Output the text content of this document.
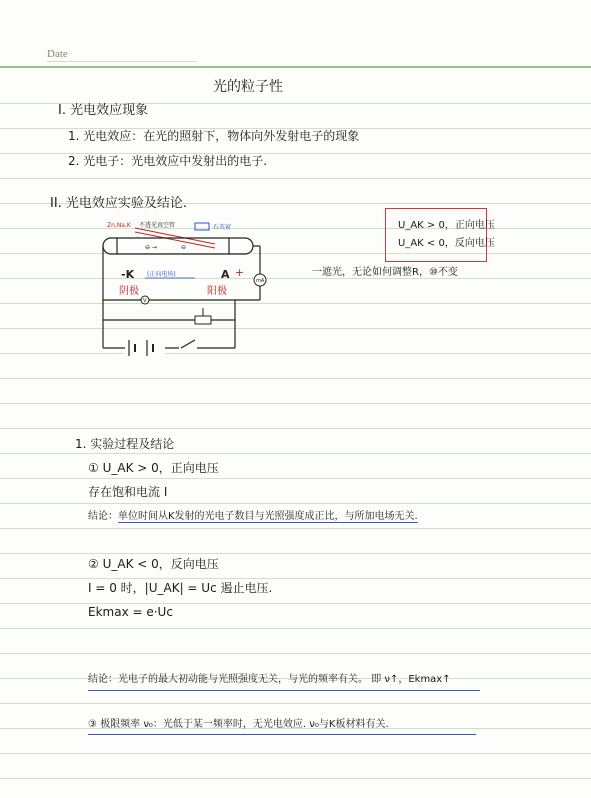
Date
光的粒子性
I. 光电效应现象
1. 光电效应：在光的照射下，物体向外发射电子的现象
2. 光电子：光电效应中发射出的电子.
II. 光电效应实验及结论.
Zn,Na,K 不透光真空管	石英窗
⊖ →	⊖
-K (正向电场)	A +
mA
V
阴极	阳极
一遮光，无论如何调整R，⑩不变
U_AK > 0，正向电压
U_AK < 0，反向电压
1. 实验过程及结论
① U_AK > 0，正向电压
存在饱和电流 I
结论：单位时间从K发射的光电子数目与光照强度成正比，与所加电场无关.
② U_AK < 0，反向电压
I = 0 时，|U_AK| = Uc 遏止电压.
Ekmax = e·Uc
结论：光电子的最大初动能与光照强度无关，与光的频率有关。 即 ν↑，Ekmax↑
③ 极限频率 ν₀：光低于某一频率时，无光电效应. ν₀与K板材料有关.
